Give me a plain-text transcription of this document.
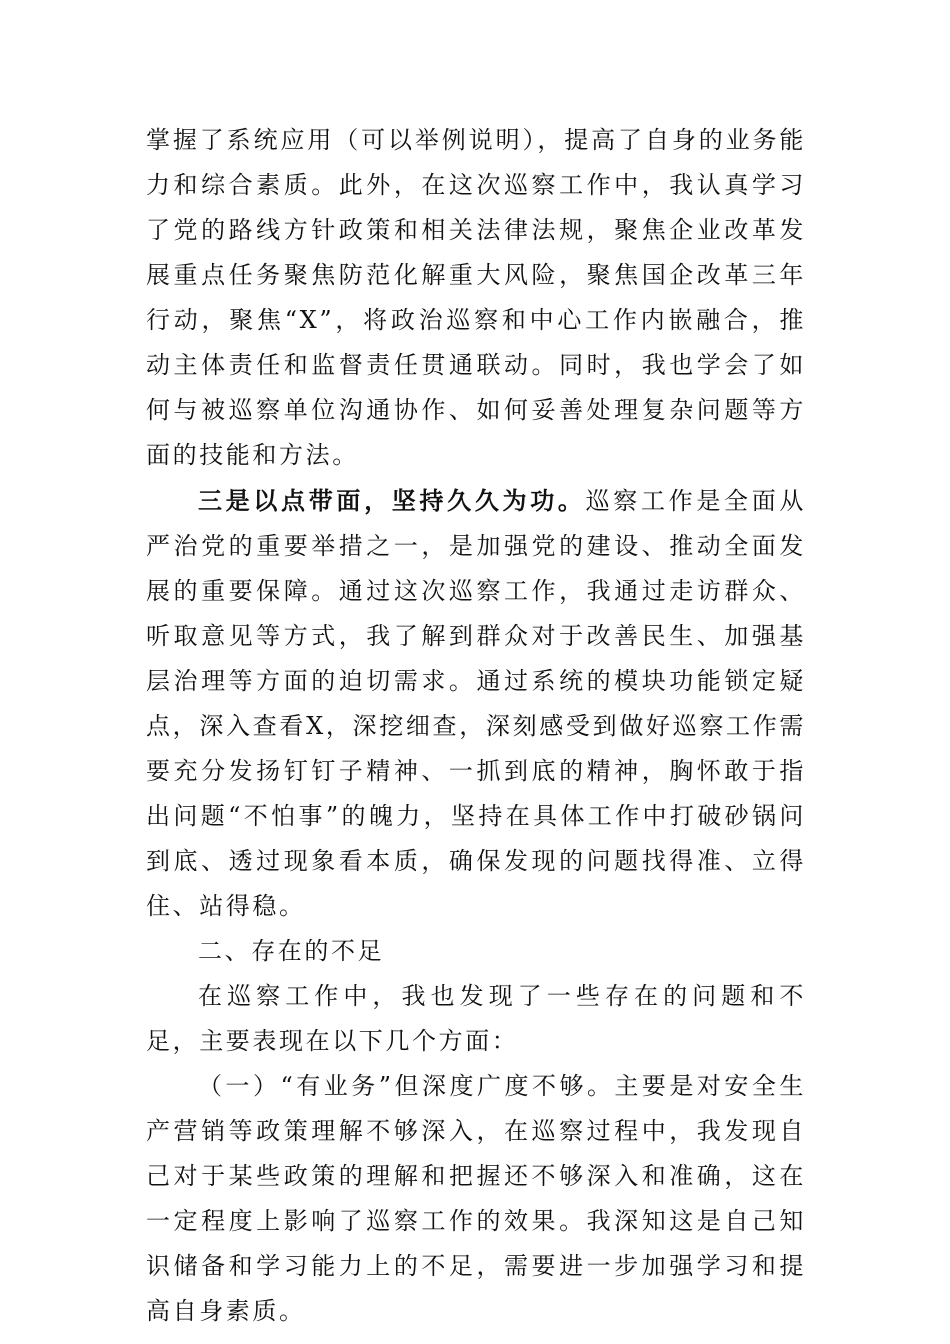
掌握了系统应用（可以举例说明），提高了自身的业务能力和综合素质。此外，在这次巡察工作中，我认真学习了党的路线方针政策和相关法律法规，聚焦企业改革发展重点任务聚焦防范化解重大风险，聚焦国企改革三年行动，聚焦“X”，将政治巡察和中心工作内嵌融合，推动主体责任和监督责任贯通联动。同时，我也学会了如何与被巡察单位沟通协作、如何妥善处理复杂问题等方面的技能和方法。

三是以点带面，坚持久久为功。巡察工作是全面从严治党的重要举措之一，是加强党的建设、推动全面发展的重要保障。通过这次巡察工作，我通过走访群众、听取意见等方式，我了解到群众对于改善民生、加强基层治理等方面的迫切需求。通过系统的模块功能锁定疑点，深入查看X，深挖细查，深刻感受到做好巡察工作需要充分发扬钉钉子精神、一抓到底的精神，胸怀敢于指出问题“不怕事”的魄力，坚持在具体工作中打破砂锅问到底、透过现象看本质，确保发现的问题找得准、立得住、站得稳。

二、存在的不足

在巡察工作中，我也发现了一些存在的问题和不足，主要表现在以下几个方面：

（一）“有业务”但深度广度不够。主要是对安全生产营销等政策理解不够深入，在巡察过程中，我发现自己对于某些政策的理解和把握还不够深入和准确，这在一定程度上影响了巡察工作的效果。我深知这是自己知识储备和学习能力上的不足，需要进一步加强学习和提高自身素质。
